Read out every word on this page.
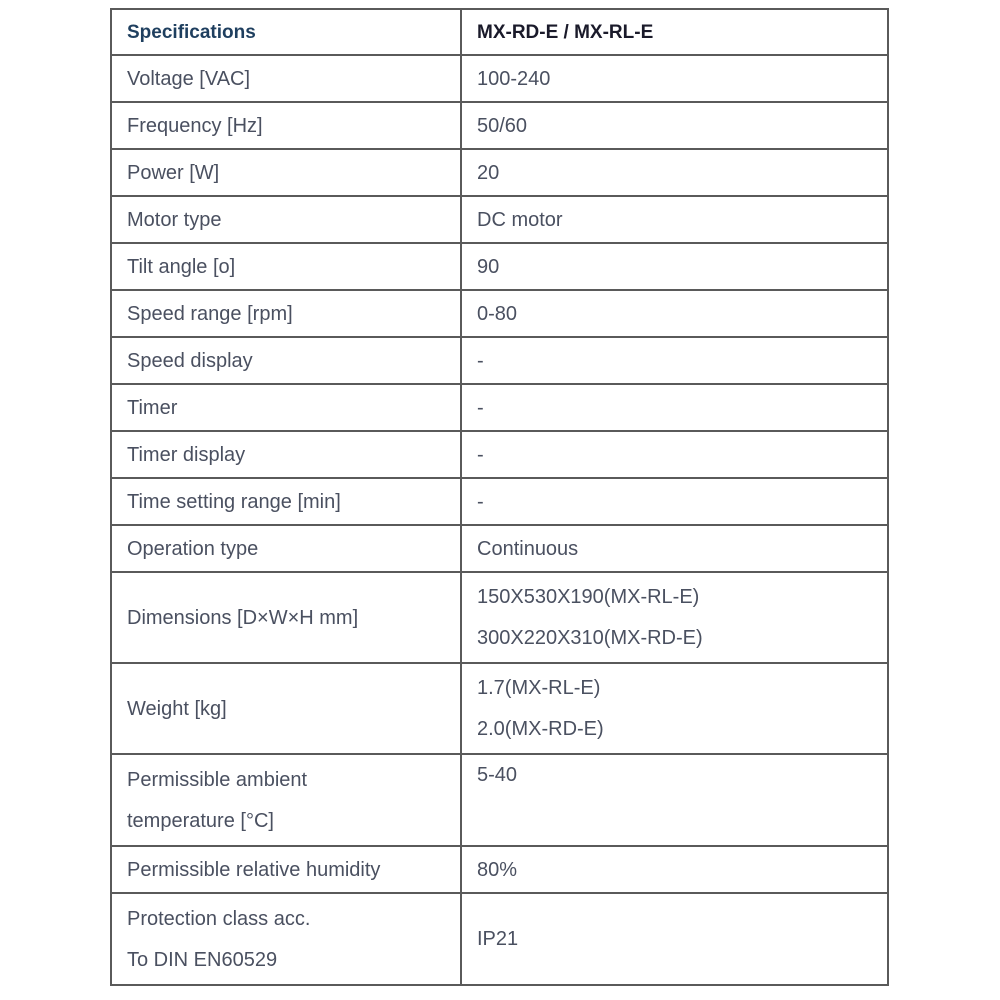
Specifications	MX-RD-E / MX-RL-E
Voltage [VAC]	100-240
Frequency [Hz]	50/60
Power [W]	20
Motor type	DC motor
Tilt angle [o]	90
Speed range [rpm]	0-80
Speed display	-
Timer	-
Timer display	-
Time setting range [min]	-
Operation type	Continuous
Dimensions [D×W×H mm]	150X530X190(MX-RL-E)
300X220X310(MX-RD-E)

Weight [kg]	1.7(MX-RL-E)
2.0(MX-RD-E)

Permissible ambient
temperature [°C]	5-40
Permissible relative humidity	80%

Protection class acc.
To DIN EN60529	IP21
